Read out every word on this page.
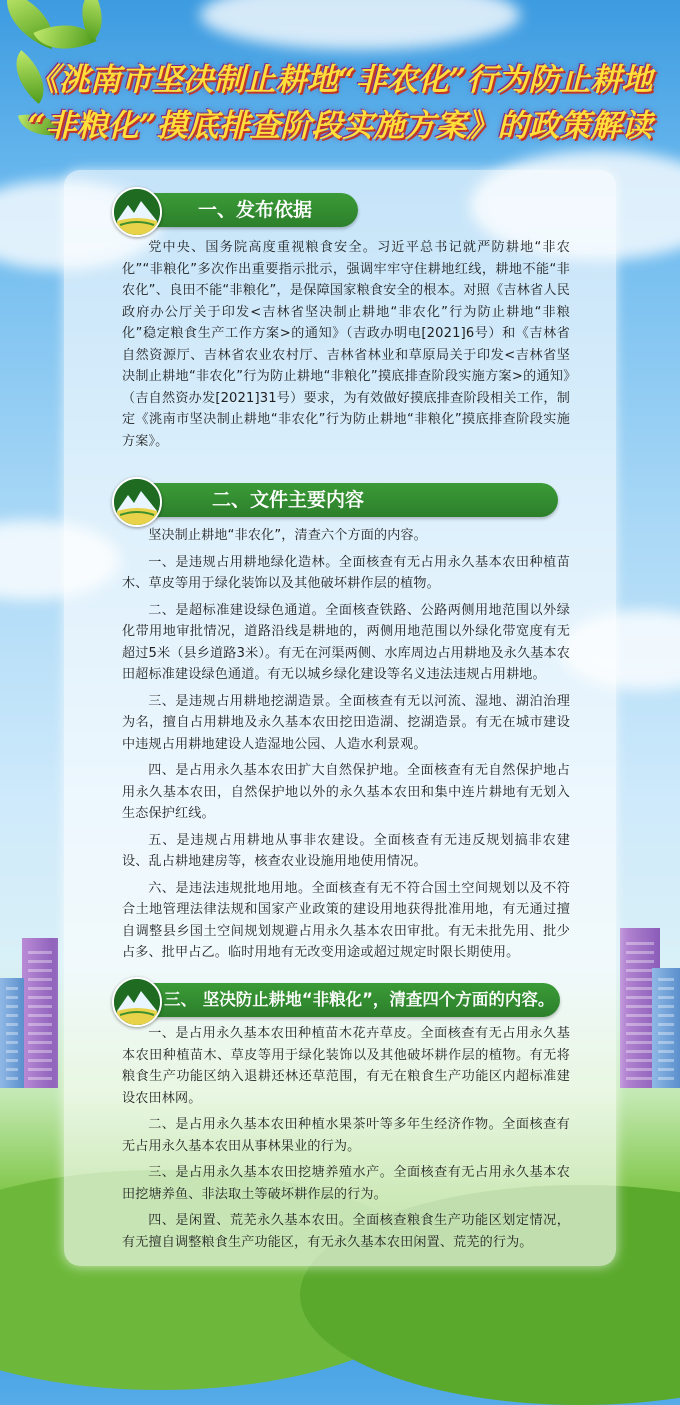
《洮南市坚决制止耕地“非农化”行为防止耕地
“非粮化”摸底排查阶段实施方案》的政策解读
一、发布依据

党中央、国务院高度重视粮食安全。习近平总书记就严防耕地“非农化”“非粮化”多次作出重要指示批示，强调牢牢守住耕地红线，耕地不能“非农化”、良田不能“非粮化”，是保障国家粮食安全的根本。对照《吉林省人民政府办公厅关于印发<吉林省坚决制止耕地“非农化”行为防止耕地“非粮化”稳定粮食生产工作方案>的通知》（吉政办明电[2021]6号）和《吉林省自然资源厅、吉林省农业农村厅、吉林省林业和草原局关于印发<吉林省坚决制止耕地“非农化”行为防止耕地“非粮化”摸底排查阶段实施方案>的通知》（吉自然资办发[2021]31号）要求，为有效做好摸底排查阶段相关工作，制定《洮南市坚决制止耕地“非农化”行为防止耕地“非粮化”摸底排查阶段实施方案》。

二、文件主要内容

坚决制止耕地“非农化”，清查六个方面的内容。

一、是违规占用耕地绿化造林。全面核查有无占用永久基本农田种植苗木、草皮等用于绿化装饰以及其他破坏耕作层的植物。

二、是超标准建设绿色通道。全面核查铁路、公路两侧用地范围以外绿化带用地审批情况，道路沿线是耕地的，两侧用地范围以外绿化带宽度有无超过5米（县乡道路3米）。有无在河渠两侧、水库周边占用耕地及永久基本农田超标准建设绿色通道。有无以城乡绿化建设等名义违法违规占用耕地。

三、是违规占用耕地挖湖造景。全面核查有无以河流、湿地、湖泊治理为名，擅自占用耕地及永久基本农田挖田造湖、挖湖造景。有无在城市建设中违规占用耕地建设人造湿地公园、人造水利景观。

四、是占用永久基本农田扩大自然保护地。全面核查有无自然保护地占用永久基本农田，自然保护地以外的永久基本农田和集中连片耕地有无划入生态保护红线。

五、是违规占用耕地从事非农建设。全面核查有无违反规划搞非农建设、乱占耕地建房等，核查农业设施用地使用情况。

六、是违法违规批地用地。全面核查有无不符合国土空间规划以及不符合土地管理法律法规和国家产业政策的建设用地获得批准用地，有无通过擅自调整县乡国土空间规划规避占用永久基本农田审批。有无未批先用、批少占多、批甲占乙。临时用地有无改变用途或超过规定时限长期使用。

三、 坚决防止耕地“非粮化”，清查四个方面的内容。

一、是占用永久基本农田种植苗木花卉草皮。全面核查有无占用永久基本农田种植苗木、草皮等用于绿化装饰以及其他破坏耕作层的植物。有无将粮食生产功能区纳入退耕还林还草范围，有无在粮食生产功能区内超标准建设农田林网。

二、是占用永久基本农田种植水果茶叶等多年生经济作物。全面核查有无占用永久基本农田从事林果业的行为。

三、是占用永久基本农田挖塘养殖水产。全面核查有无占用永久基本农田挖塘养鱼、非法取土等破坏耕作层的行为。

四、是闲置、荒芜永久基本农田。全面核查粮食生产功能区划定情况，有无擅自调整粮食生产功能区，有无永久基本农田闲置、荒芜的行为。
